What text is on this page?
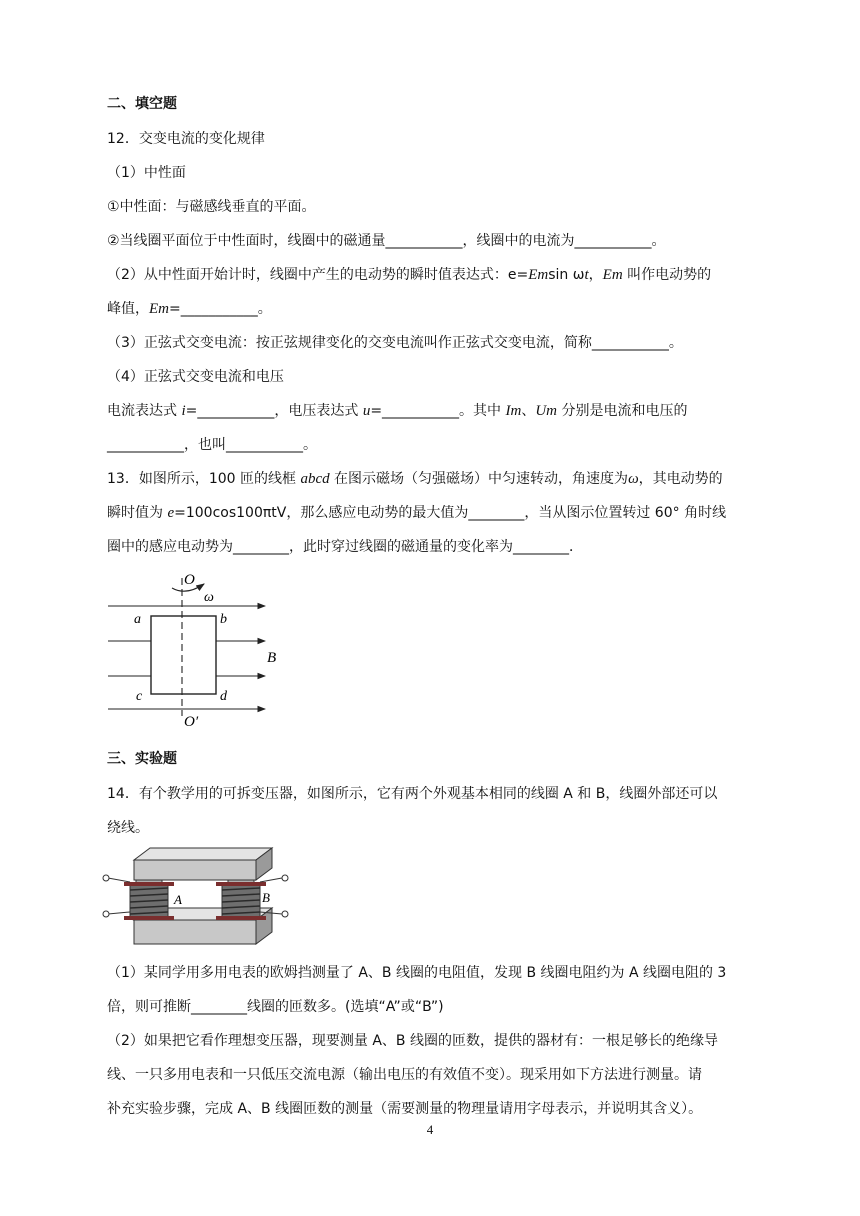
二、填空题
12．交变电流的变化规律
（1）中性面
①中性面：与磁感线垂直的平面。
②当线圈平面位于中性面时，线圈中的磁通量___________，线圈中的电流为___________。
（2）从中性面开始计时，线圈中产生的电动势的瞬时值表达式：e=Emsin ωt，Em 叫作电动势的
峰值，Em=___________。
（3）正弦式交变电流：按正弦规律变化的交变电流叫作正弦式交变电流，简称___________。
（4）正弦式交变电流和电压
电流表达式 i=___________，电压表达式 u=___________。其中 Im、Um 分别是电流和电压的
___________，也叫___________。
13．如图所示，100 匝的线框 abcd 在图示磁场（匀强磁场）中匀速转动，角速度为ω，其电动势的
瞬时值为 e=100cos100πtV，那么感应电动势的最大值为________，当从图示位置转过 60° 角时线
圈中的感应电动势为________，此时穿过线圈的磁通量的变化率为________．
O
ω
a	b
B
c	d
O′
三、实验题
14．有个教学用的可拆变压器，如图所示，它有两个外观基本相同的线圈 A 和 B，线圈外部还可以
绕线。
A	B
（1）某同学用多用电表的欧姆挡测量了 A、B 线圈的电阻值，发现 B 线圈电阻约为 A 线圈电阻的 3
倍，则可推断________线圈的匝数多。(选填“A”或“B”)
（2）如果把它看作理想变压器，现要测量 A、B 线圈的匝数，提供的器材有：一根足够长的绝缘导
线、一只多用电表和一只低压交流电源（输出电压的有效值不变）。现采用如下方法进行测量。请
补充实验步骤，完成 A、B 线圈匝数的测量（需要测量的物理量请用字母表示，并说明其含义）。
4
